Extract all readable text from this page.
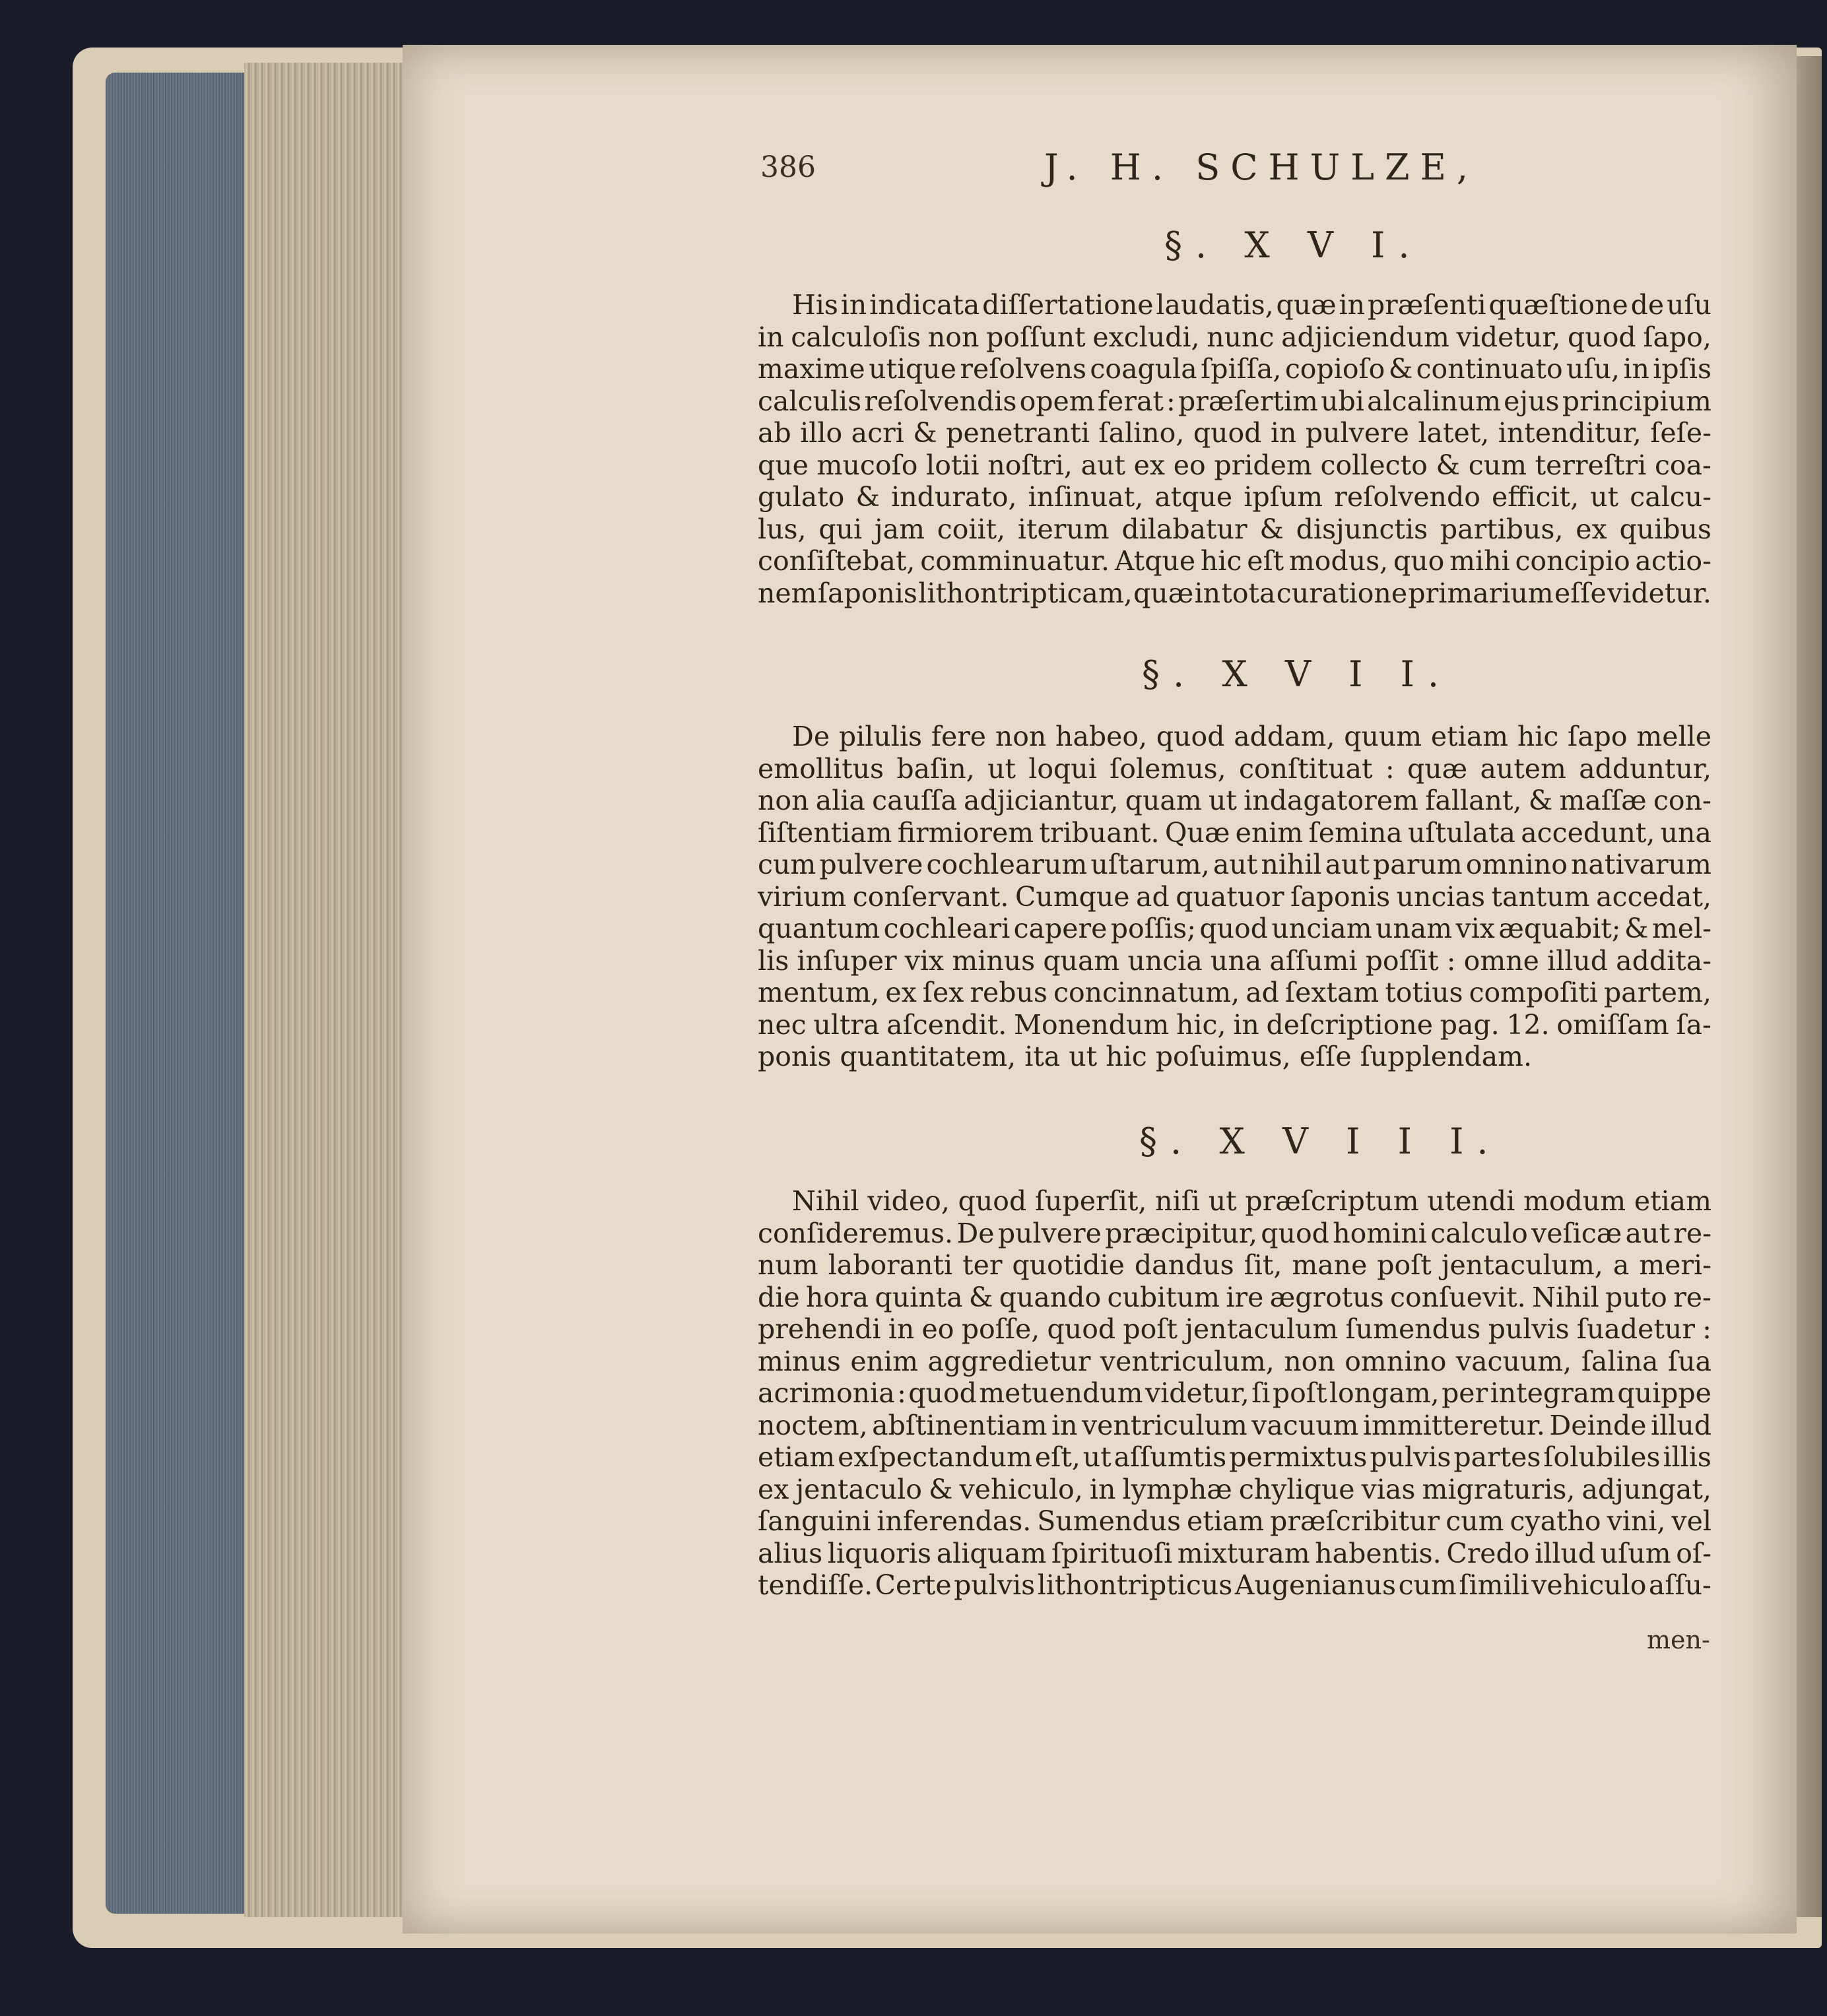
386	J. H. SCHULZE,
§. X V I.
His in indicata diſſertatione laudatis, quæ in præſenti quæſtione de uſu
in calculoſis non poſſunt excludi, nunc adjiciendum videtur, quod ſapo,
maxime utique reſolvens coagula ſpiſſa, copioſo & continuato uſu, in ipſis
calculis reſolvendis opem ferat : præſertim ubi alcalinum ejus principium
ab illo acri & penetranti ſalino, quod in pulvere latet, intenditur, ſeſe-
que mucoſo lotii noſtri, aut ex eo pridem collecto & cum terreſtri coa-
gulato & indurato, inſinuat, atque ipſum reſolvendo efficit, ut calcu-
lus, qui jam coiit, iterum dilabatur & disjunctis partibus, ex quibus
conſiſtebat, comminuatur. Atque hic eſt modus, quo mihi concipio actio-
nem ſaponis lithontripticam, quæ in tota curatione primarium eſſe videtur.
§. X V I I.
De pilulis fere non habeo, quod addam, quum etiam hic ſapo melle
emollitus baſin, ut loqui ſolemus, conſtituat : quæ autem adduntur,
non alia cauſſa adjiciantur, quam ut indagatorem fallant, & maſſæ con-
ſiſtentiam firmiorem tribuant. Quæ enim ſemina uſtulata accedunt, una
cum pulvere cochlearum uſtarum, aut nihil aut parum omnino nativarum
virium conſervant. Cumque ad quatuor ſaponis uncias tantum accedat,
quantum cochleari capere poſſis; quod unciam unam vix æquabit; & mel-
lis inſuper vix minus quam uncia una aſſumi poſſit : omne illud addita-
mentum, ex ſex rebus concinnatum, ad ſextam totius compoſiti partem,
nec ultra aſcendit. Monendum hic, in deſcriptione pag. 12. omiſſam ſa-
ponis quantitatem, ita ut hic poſuimus, eſſe ſupplendam.
§. X V I I I.
Nihil video, quod ſuperſit, niſi ut præſcriptum utendi modum etiam
conſideremus. De pulvere præcipitur, quod homini calculo veſicæ aut re-
num laboranti ter quotidie dandus ſit, mane poſt jentaculum, a meri-
die hora quinta & quando cubitum ire ægrotus conſuevit. Nihil puto re-
prehendi in eo poſſe, quod poſt jentaculum ſumendus pulvis ſuadetur :
minus enim aggredietur ventriculum, non omnino vacuum, ſalina ſua
acrimonia : quod metuendum videtur, ſi poſt longam, per integram quippe
noctem, abſtinentiam in ventriculum vacuum immitteretur. Deinde illud
etiam exſpectandum eſt, ut aſſumtis permixtus pulvis partes ſolubiles illis
ex jentaculo & vehiculo, in lymphæ chylique vias migraturis, adjungat,
ſanguini inferendas. Sumendus etiam præſcribitur cum cyatho vini, vel
alius liquoris aliquam ſpirituoſi mixturam habentis. Credo illud uſum oſ-
tendiſſe. Certe pulvis lithontripticus Augenianus cum ſimili vehiculo aſſu-
men-
